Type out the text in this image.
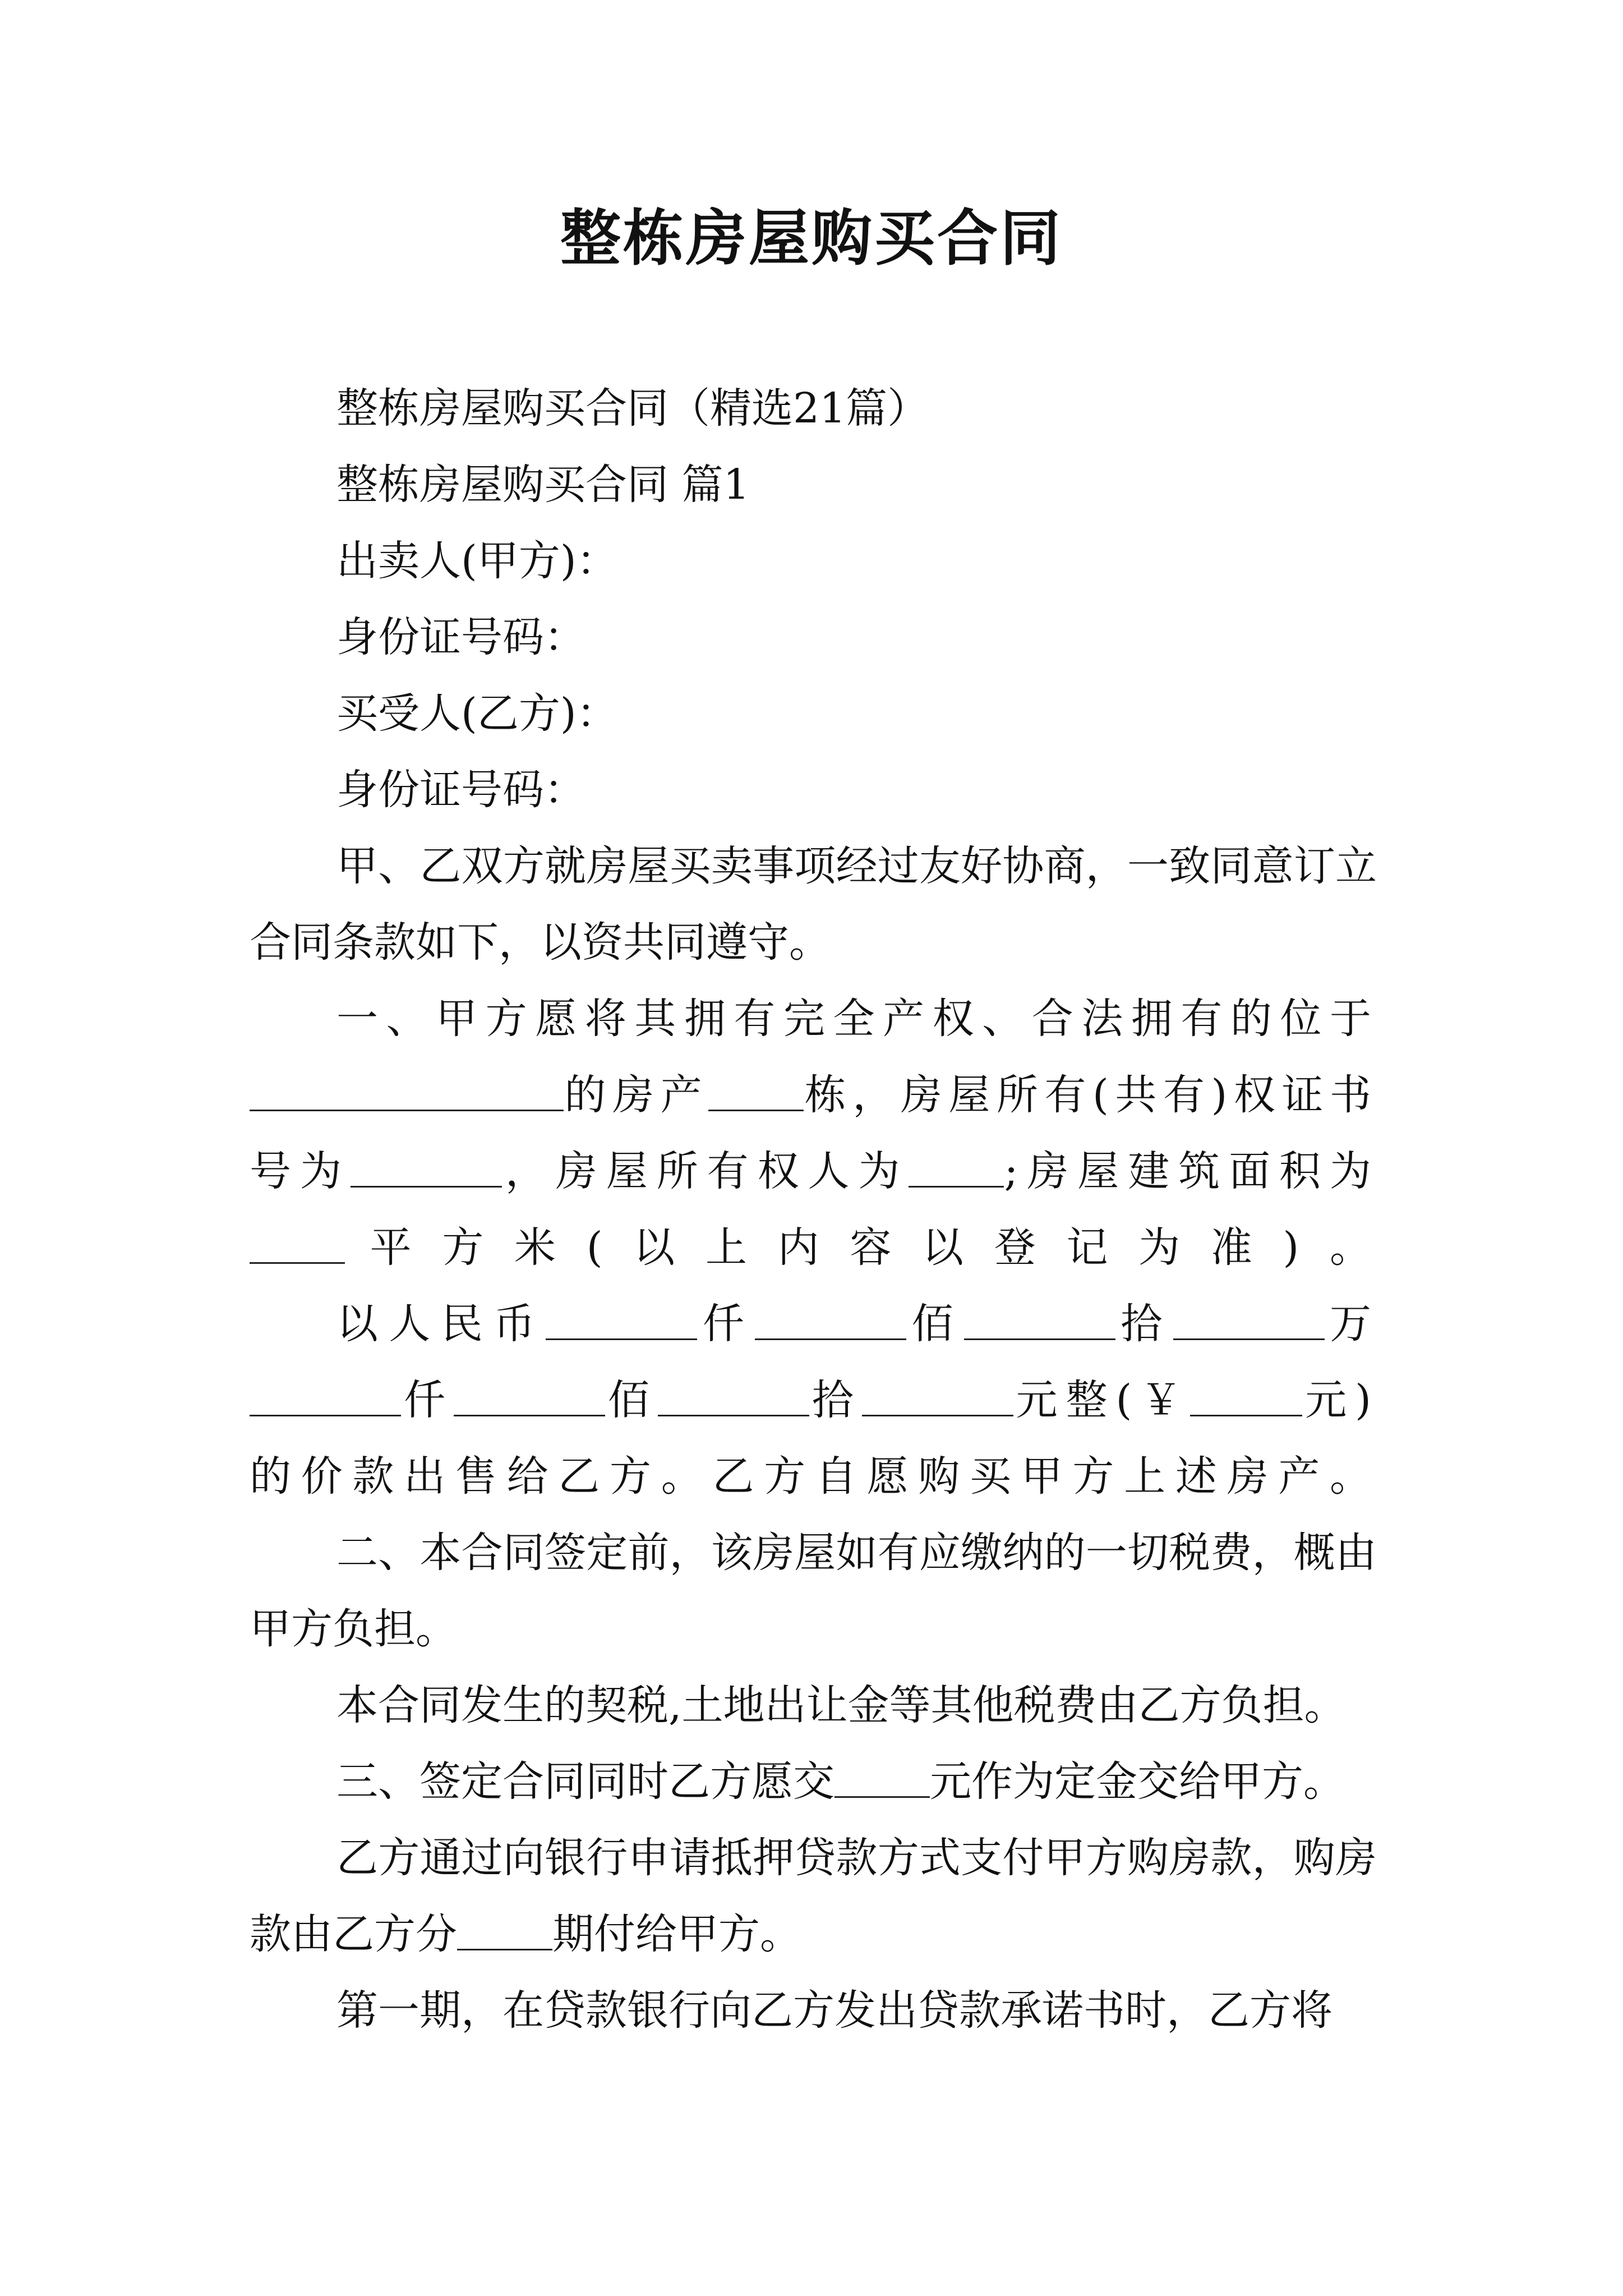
整栋房屋购买合同

整栋房屋购买合同（精选21篇）

整栋房屋购买合同 篇1

出卖人(甲方)：

身份证号码：

买受人(乙方)：

身份证号码：

甲、乙双方就房屋买卖事项经过友好协商，一致同意订立合同条款如下，以资共同遵守。

一、甲方愿将其拥有完全产权、合法拥有的位于的房产 栋，房屋所有(共有)权证书号为	，房屋所有权人为 ;房屋建筑面积为平方米(以上内容以登记为准)。

以人民币	仟	佰	拾	万仟	佰	拾	元整(￥	元)的价款出售给乙方。乙方自愿购买甲方上述房产。

二、本合同签定前，该房屋如有应缴纳的一切税费，概由甲方负担。

本合同发生的契税,土地出让金等其他税费由乙方负担。

三、签定合同同时乙方愿交 元作为定金交给甲方。

乙方通过向银行申请抵押贷款方式支付甲方购房款，购房款由乙方分 期付给甲方。

第一期，在贷款银行向乙方发出贷款承诺书时，乙方将
